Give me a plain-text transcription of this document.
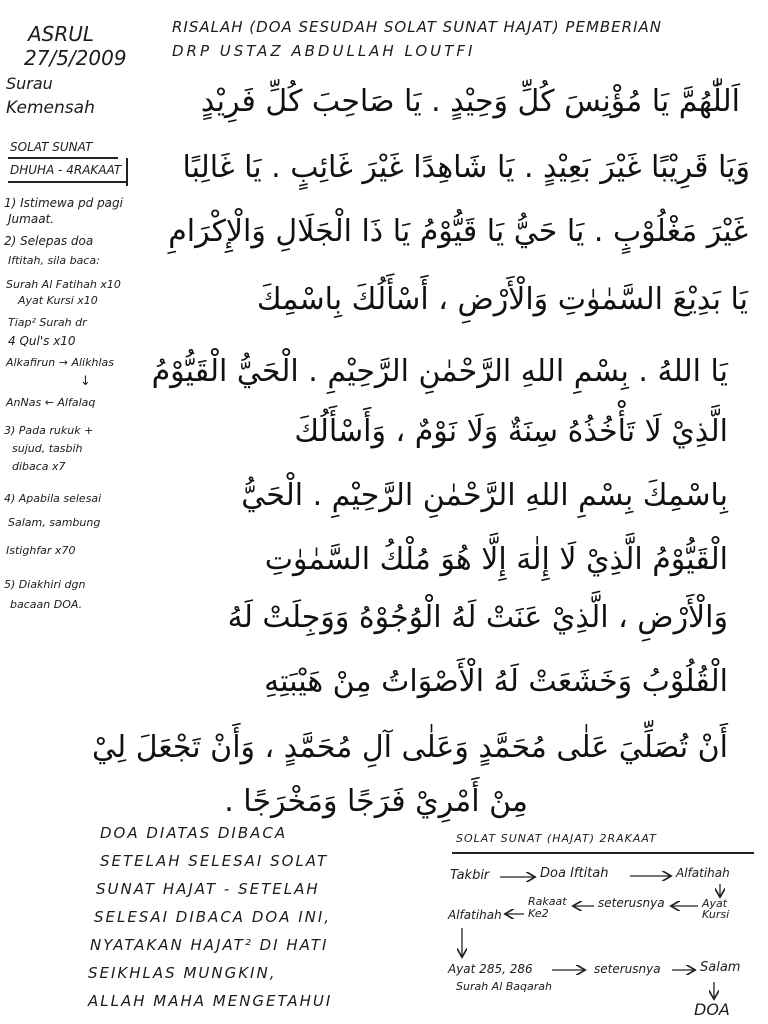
ASRUL
27/5/2009
RISALAH (DOA SESUDAH SOLAT SUNAT HAJAT) PEMBERIAN
DRP USTAZ ABDULLAH LOUTFI
Surau
Kemensah
SOLAT SUNAT
DHUHA - 4RAKAAT
1) Istimewa pd pagi
Jumaat.
2) Selepas doa
Iftitah, sila baca:
Surah Al Fatihah x10
Ayat Kursi x10
Tiap² Surah dr
4 Qul's x10
Alkafirun → Alikhlas
↓
AnNas ← Alfalaq
3) Pada rukuk +
sujud, tasbih
dibaca x7
4) Apabila selesai
Salam, sambung
Istighfar x70
5) Diakhiri dgn
bacaan DOA.
اَللّٰهُمَّ يَا مُؤْنِسَ كُلِّ وَحِيْدٍ . يَا صَاحِبَ كُلِّ فَرِيْدٍ
وَيَا قَرِيْبًا غَيْرَ بَعِيْدٍ . يَا شَاهِدًا غَيْرَ غَائِبٍ . يَا غَالِبًا
غَيْرَ مَغْلُوْبٍ . يَا حَيُّ يَا قَيُّوْمُ يَا ذَا الْجَلَالِ وَالْإِكْرَامِ
يَا بَدِيْعَ السَّمٰوٰتِ وَالْأَرْضِ ، أَسْأَلُكَ بِاسْمِكَ
يَا اللهُ . بِسْمِ اللهِ الرَّحْمٰنِ الرَّحِيْمِ . الْحَيُّ الْقَيُّوْمُ
الَّذِيْ لَا تَأْخُذُهُ سِنَةٌ وَلَا نَوْمٌ ، وَأَسْأَلُكَ
بِاسْمِكَ بِسْمِ اللهِ الرَّحْمٰنِ الرَّحِيْمِ . الْحَيُّ
الْقَيُّوْمُ الَّذِيْ لَا إِلٰهَ إِلَّا هُوَ مُلْكُ السَّمٰوٰتِ
وَالْأَرْضِ ، الَّذِيْ عَنَتْ لَهُ الْوُجُوْهُ وَوَجِلَتْ لَهُ
الْقُلُوْبُ وَخَشَعَتْ لَهُ الْأَصْوَاتُ مِنْ هَيْبَتِهِ
أَنْ تُصَلِّيَ عَلٰى مُحَمَّدٍ وَعَلٰى آلِ مُحَمَّدٍ ، وَأَنْ تَجْعَلَ لِيْ
مِنْ أَمْرِيْ فَرَجًا وَمَخْرَجًا .
DOA DIATAS DIBACA
SETELAH SELESAI SOLAT
SUNAT HAJAT - SETELAH
SELESAI DIBACA DOA INI,
NYATAKAN HAJAT² DI HATI
SEIKHLAS MUNGKIN,
ALLAH MAHA MENGETAHUI
SOLAT SUNAT (HAJAT) 2RAKAAT
Takbir	Doa Iftitah	Alfatihah
Ayat Kursi
seterusnya
Rakaat Ke2
Alfatihah
Ayat 285, 286
Surah Al Baqarah
seterusnya	Salam
DOA
